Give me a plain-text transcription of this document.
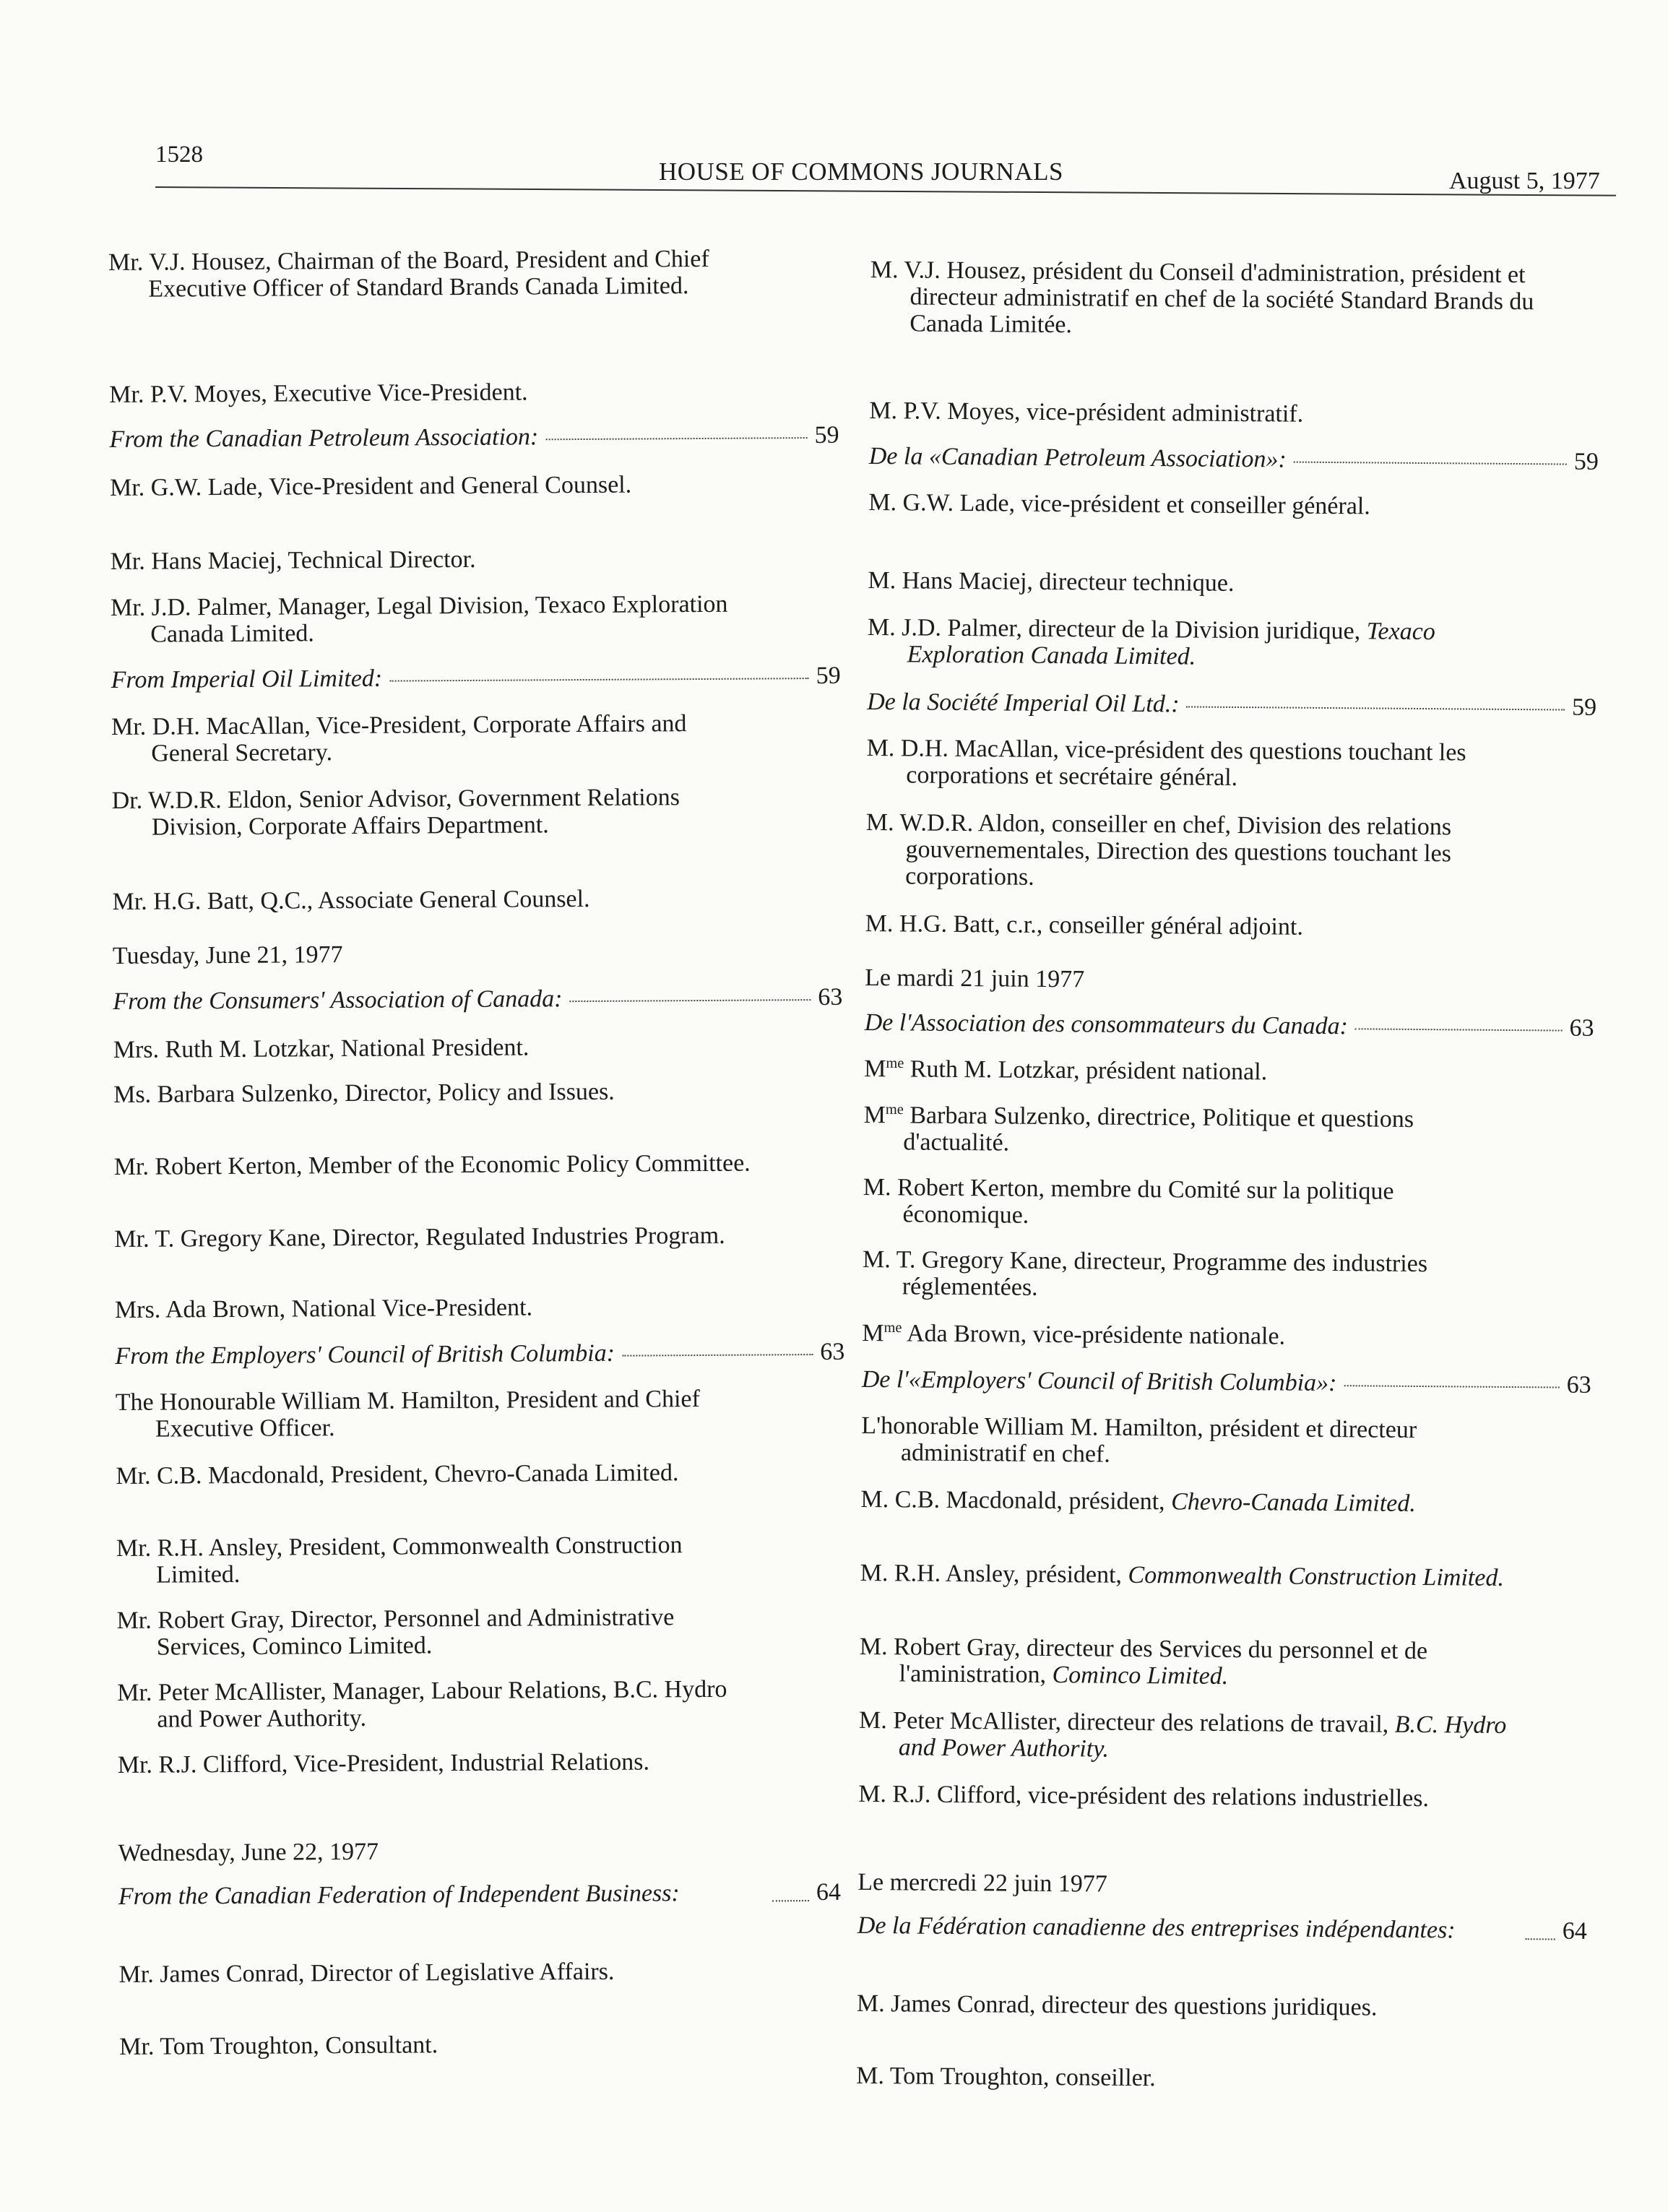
1528
HOUSE OF COMMONS JOURNALS	August 5, 1977
Mr. V.J. Housez, Chairman of the Board, President and Chief Executive Officer of Standard Brands Canada Limited.
Mr. P.V. Moyes, Executive Vice-President.
From the Canadian Petroleum Association:	59
Mr. G.W. Lade, Vice-President and General Counsel.
Mr. Hans Maciej, Technical Director.
Mr. J.D. Palmer, Manager, Legal Division, Texaco Exploration Canada Limited.
From Imperial Oil Limited:	59
Mr. D.H. MacAllan, Vice-President, Corporate Affairs and General Secretary.
Dr. W.D.R. Eldon, Senior Advisor, Government Relations Division, Corporate Affairs Department.
Mr. H.G. Batt, Q.C., Associate General Counsel.
Tuesday, June 21, 1977
From the Consumers' Association of Canada:	63
Mrs. Ruth M. Lotzkar, National President.
Ms. Barbara Sulzenko, Director, Policy and Issues.
Mr. Robert Kerton, Member of the Economic Policy Committee.
Mr. T. Gregory Kane, Director, Regulated Industries Program.
Mrs. Ada Brown, National Vice-President.
From the Employers' Council of British Columbia:	63
The Honourable William M. Hamilton, President and Chief Executive Officer.
Mr. C.B. Macdonald, President, Chevro-Canada Limited.
Mr. R.H. Ansley, President, Commonwealth Construction Limited.
Mr. Robert Gray, Director, Personnel and Administrative Services, Cominco Limited.
Mr. Peter McAllister, Manager, Labour Relations, B.C. Hydro and Power Authority.
Mr. R.J. Clifford, Vice-President, Industrial Relations.
Wednesday, June 22, 1977
From the Canadian Federation of Independent Business:	64
Mr. James Conrad, Director of Legislative Affairs.
Mr. Tom Troughton, Consultant.
M. V.J. Housez, président du Conseil d'administration, président et directeur administratif en chef de la société Standard Brands du Canada Limitée.
M. P.V. Moyes, vice-président administratif.
De la «Canadian Petroleum Association»:	59
M. G.W. Lade, vice-président et conseiller général.
M. Hans Maciej, directeur technique.
M. J.D. Palmer, directeur de la Division juridique, Texaco Exploration Canada Limited.
De la Société Imperial Oil Ltd.:	59
M. D.H. MacAllan, vice-président des questions touchant les corporations et secrétaire général.
M. W.D.R. Aldon, conseiller en chef, Division des relations gouvernementales, Direction des questions touchant les corporations.
M. H.G. Batt, c.r., conseiller général adjoint.
Le mardi 21 juin 1977
De l'Association des consommateurs du Canada:	63
$M^{me}$ Ruth M. Lotzkar, président national.
$M^{me}$ Barbara Sulzenko, directrice, Politique et questions d'actualité.
M. Robert Kerton, membre du Comité sur la politique économique.
M. T. Gregory Kane, directeur, Programme des industries réglementées.
$M^{me}$ Ada Brown, vice-présidente nationale.
De l'«Employers' Council of British Columbia»:	63
L'honorable William M. Hamilton, président et directeur administratif en chef.
M. C.B. Macdonald, président, Chevro-Canada Limited.
M. R.H. Ansley, président, Commonwealth Construction Limited.
M. Robert Gray, directeur des Services du personnel et de l'aministration, Cominco Limited.
M. Peter McAllister, directeur des relations de travail, B.C. Hydro and Power Authority.
M. R.J. Clifford, vice-président des relations industrielles.
Le mercredi 22 juin 1977
De la Fédération canadienne des entreprises indépendantes:	64
M. James Conrad, directeur des questions juridiques.
M. Tom Troughton, conseiller.
